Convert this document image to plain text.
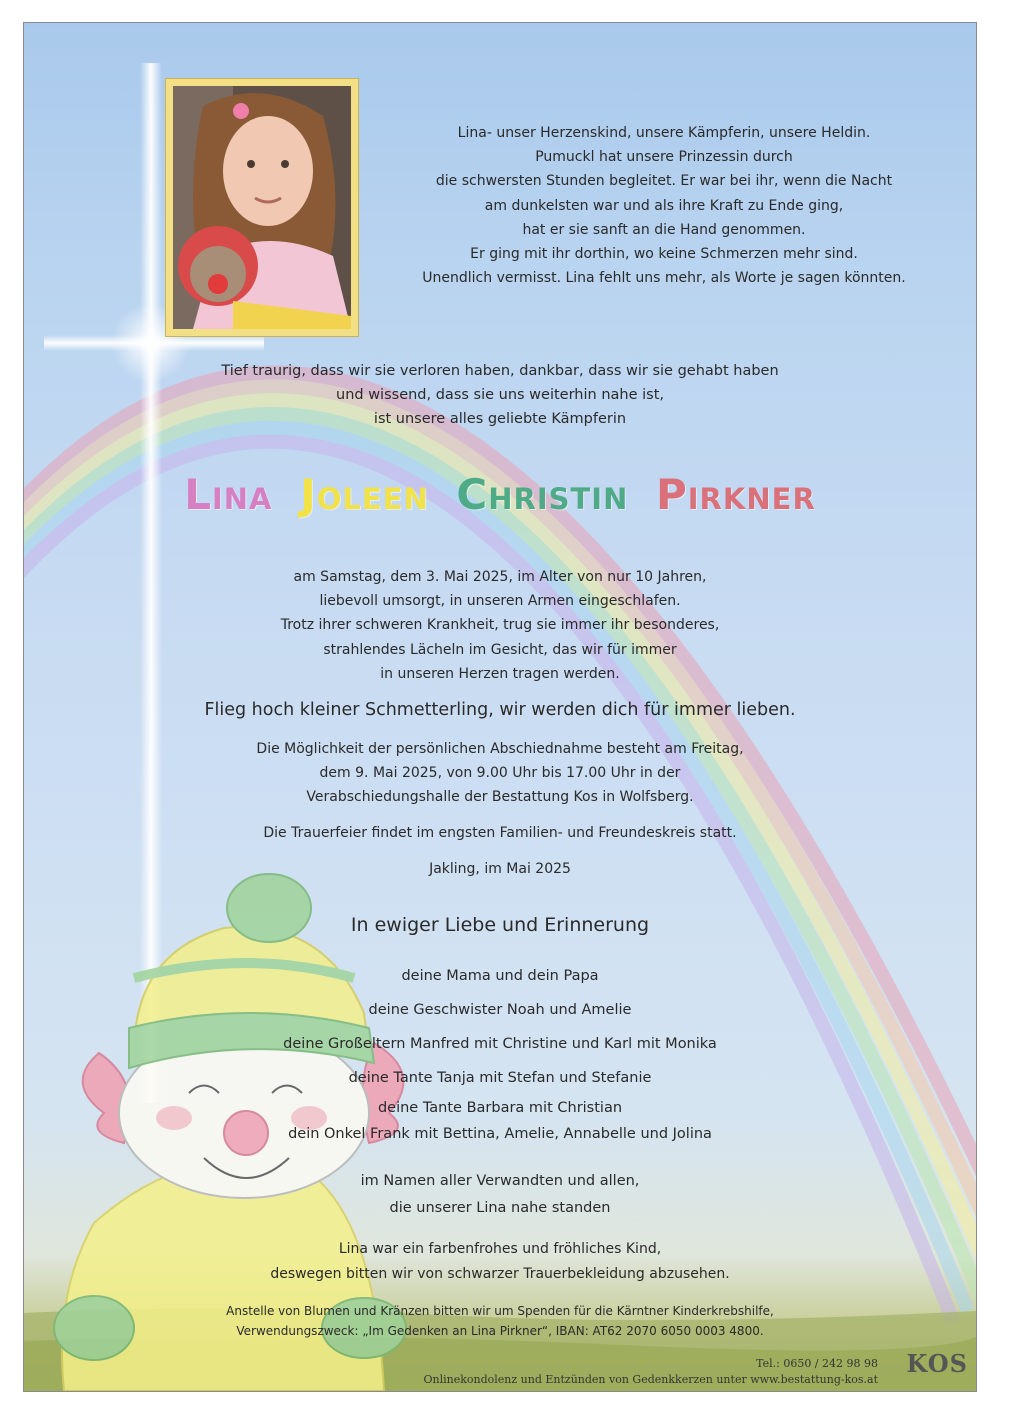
Lina- unser Herzenskind, unsere Kämpferin, unsere Heldin.
Pumuckl hat unsere Prinzessin durch
die schwersten Stunden begleitet. Er war bei ihr, wenn die Nacht
am dunkelsten war und als ihre Kraft zu Ende ging,
hat er sie sanft an die Hand genommen.
Er ging mit ihr dorthin, wo keine Schmerzen mehr sind.
Unendlich vermisst. Lina fehlt uns mehr, als Worte je sagen könnten.
Tief traurig, dass wir sie verloren haben, dankbar, dass wir sie gehabt haben
und wissend, dass sie uns weiterhin nahe ist,
ist unsere alles geliebte Kämpferin
Lina Joleen Christin Pirkner
am Samstag, dem 3. Mai 2025, im Alter von nur 10 Jahren,
liebevoll umsorgt, in unseren Armen eingeschlafen.
Trotz ihrer schweren Krankheit, trug sie immer ihr besonderes,
strahlendes Lächeln im Gesicht, das wir für immer
in unseren Herzen tragen werden.
Flieg hoch kleiner Schmetterling, wir werden dich für immer lieben.
Die Möglichkeit der persönlichen Abschiednahme besteht am Freitag,
dem 9. Mai 2025, von 9.00 Uhr bis 17.00 Uhr in der
Verabschiedungshalle der Bestattung Kos in Wolfsberg.
Die Trauerfeier findet im engsten Familien- und Freundeskreis statt.
Jakling, im Mai 2025
In ewiger Liebe und Erinnerung
deine Mama und dein Papa
deine Geschwister Noah und Amelie
deine Großeltern Manfred mit Christine und Karl mit Monika
deine Tante Tanja mit Stefan und Stefanie
deine Tante Barbara mit Christian
dein Onkel Frank mit Bettina, Amelie, Annabelle und Jolina
im Namen aller Verwandten und allen,
die unserer Lina nahe standen
Lina war ein farbenfrohes und fröhliches Kind,
deswegen bitten wir von schwarzer Trauerbekleidung abzusehen.
Anstelle von Blumen und Kränzen bitten wir um Spenden für die Kärntner Kinderkrebshilfe,
Verwendungszweck: „Im Gedenken an Lina Pirkner“, IBAN: AT62 2070 6050 0003 4800.
Tel.: 0650 / 242 98 98
Onlinekondolenz und Entzünden von Gedenkkerzen unter www.bestattung-kos.at
KOS
